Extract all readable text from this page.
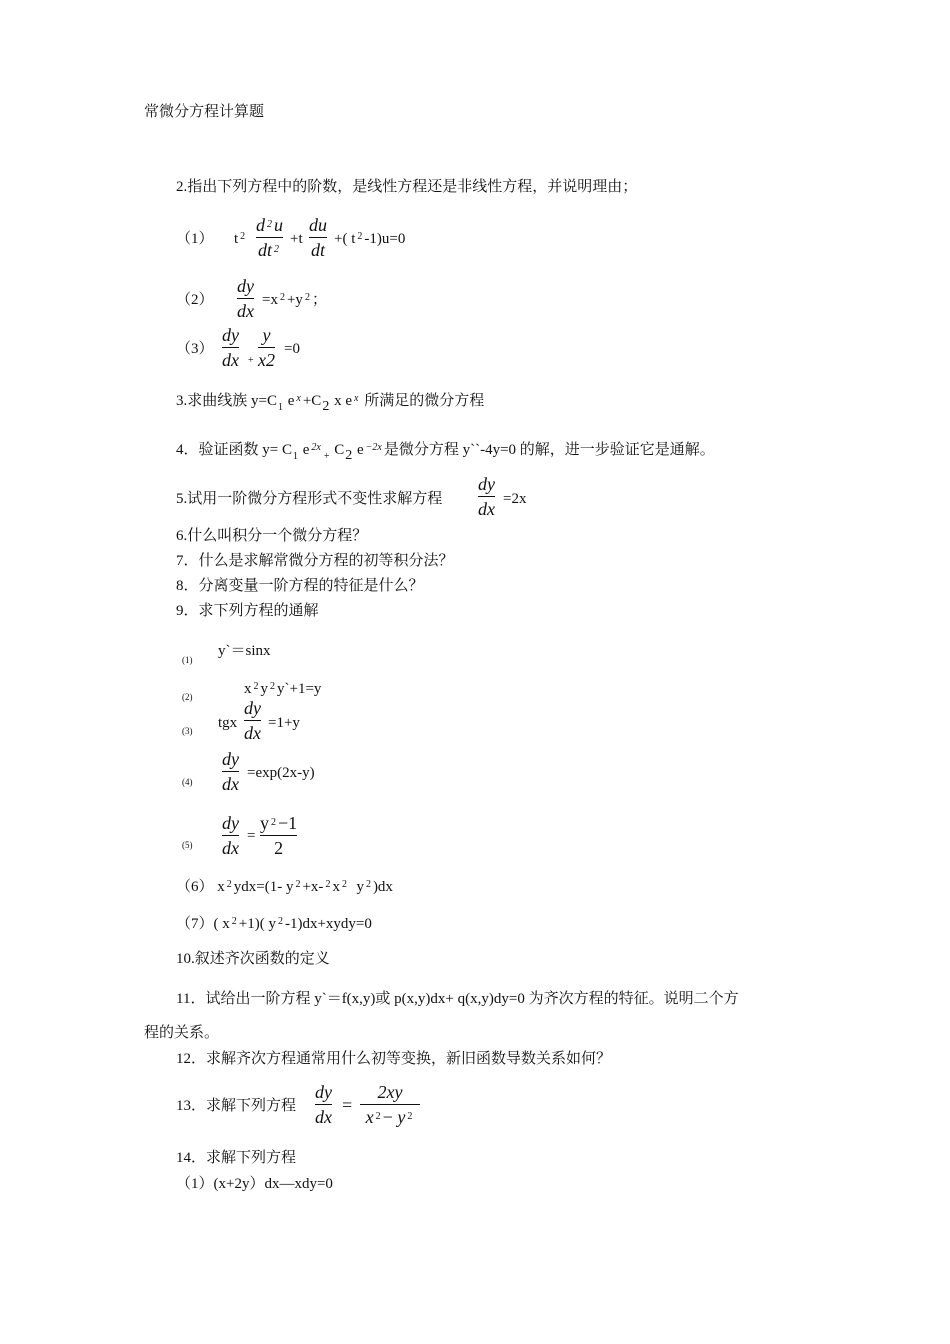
常微分方程计算题
2.指出下列方程中的阶数，是线性方程还是非线性方程，并说明理由；
（1） t $^2$
d $^2$ u
dt $^2$
+t
du
dt
+( t $^2$ -1)u=0
（2）
dy
dx
=x $^2$ +y $^2$ ；
（3）
dy
dx +
y
x2
=0
3.求曲线族 $y=C_1$ e $^x$ +C2 x e $^x$ 所满足的微分方程
4．验证函数 $y= C_1$ e $^{2x}_+$ C2 e $^{-2x}$ 是微分方程 y``-4y=0 的解，进一步验证它是通解。
5.试用一阶微分方程形式不变性求解方程
dy
dx =2x
6.什么叫积分一个微分方程？
7．什么是求解常微分方程的初等积分法？
8．分离变量一阶方程的特征是什么？
9．求下列方程的通解
(1)
y`＝sinx
(2)	x $^2$ y $^2$ y`+1=y
(3) tgx
dy
dx =1+y
(4)
dy
dx
=exp(2x-y)
(5)
dy
dx
=
y $^2$ −1
2
（6） x $^2$ ydx=(1- y $^2$ +x- $^2$ x $^2$ y $^2$ )dx
（7）( x $^2$ +1)( y $^2$ -1)dx+xydy=0
10.叙述齐次函数的定义
11．试给出一阶方程 y`＝f(x,y)或 p(x,y)dx+ q(x,y)dy=0 为齐次方程的特征。说明二个方
程的关系。
12．求解齐次方程通常用什么初等变换，新旧函数导数关系如何？
13．求解下列方程
dy
dx
=
2xy
x $^2$ − y $^2$
14．求解下列方程
（1）(x+2y）dx—xdy=0
